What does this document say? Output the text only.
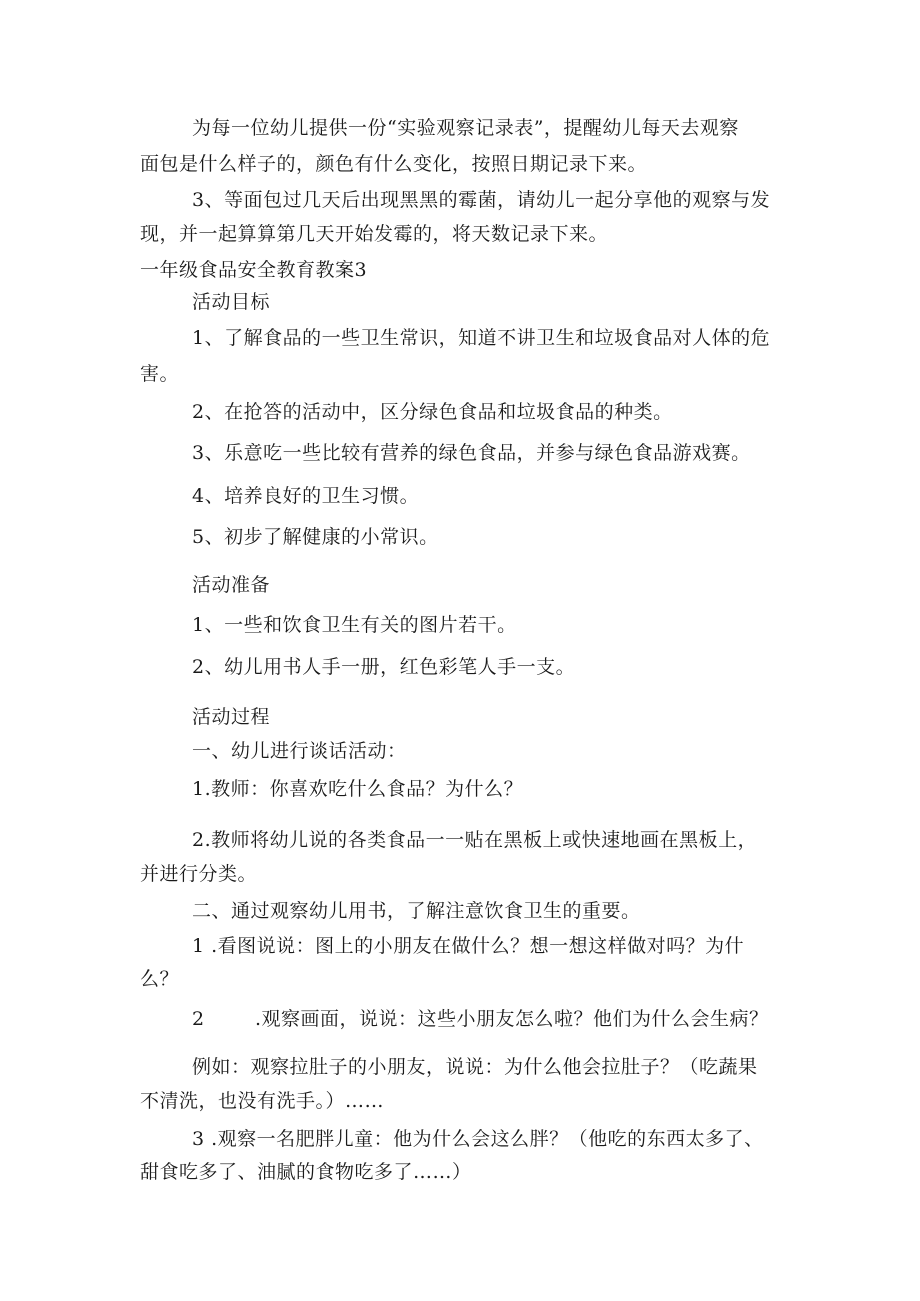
为每一位幼儿提供一份“实验观察记录表”，提醒幼儿每天去观察
面包是什么样子的，颜色有什么变化，按照日期记录下来。
3、等面包过几天后出现黑黑的霉菌，请幼儿一起分享他的观察与发
现，并一起算算第几天开始发霉的，将天数记录下来。
一年级食品安全教育教案3
活动目标
1、了解食品的一些卫生常识，知道不讲卫生和垃圾食品对人体的危
害。
2、在抢答的活动中，区分绿色食品和垃圾食品的种类。
3、乐意吃一些比较有营养的绿色食品，并参与绿色食品游戏赛。
4、培养良好的卫生习惯。
5、初步了解健康的小常识。
活动准备
1、一些和饮食卫生有关的图片若干。
2、幼儿用书人手一册，红色彩笔人手一支。
活动过程
一、幼儿进行谈话活动：
1.教师：你喜欢吃什么食品？为什么？
2.教师将幼儿说的各类食品一一贴在黑板上或快速地画在黑板上，
并进行分类。
二、通过观察幼儿用书，了解注意饮食卫生的重要。
1 .看图说说：图上的小朋友在做什么？想一想这样做对吗？为什
么？
2	.观察画面，说说：这些小朋友怎么啦？他们为什么会生病？
例如：观察拉肚子的小朋友，说说：为什么他会拉肚子？（吃蔬果
不清洗，也没有洗手。）……
3 .观察一名肥胖儿童：他为什么会这么胖？（他吃的东西太多了、
甜食吃多了、油腻的食物吃多了……）
